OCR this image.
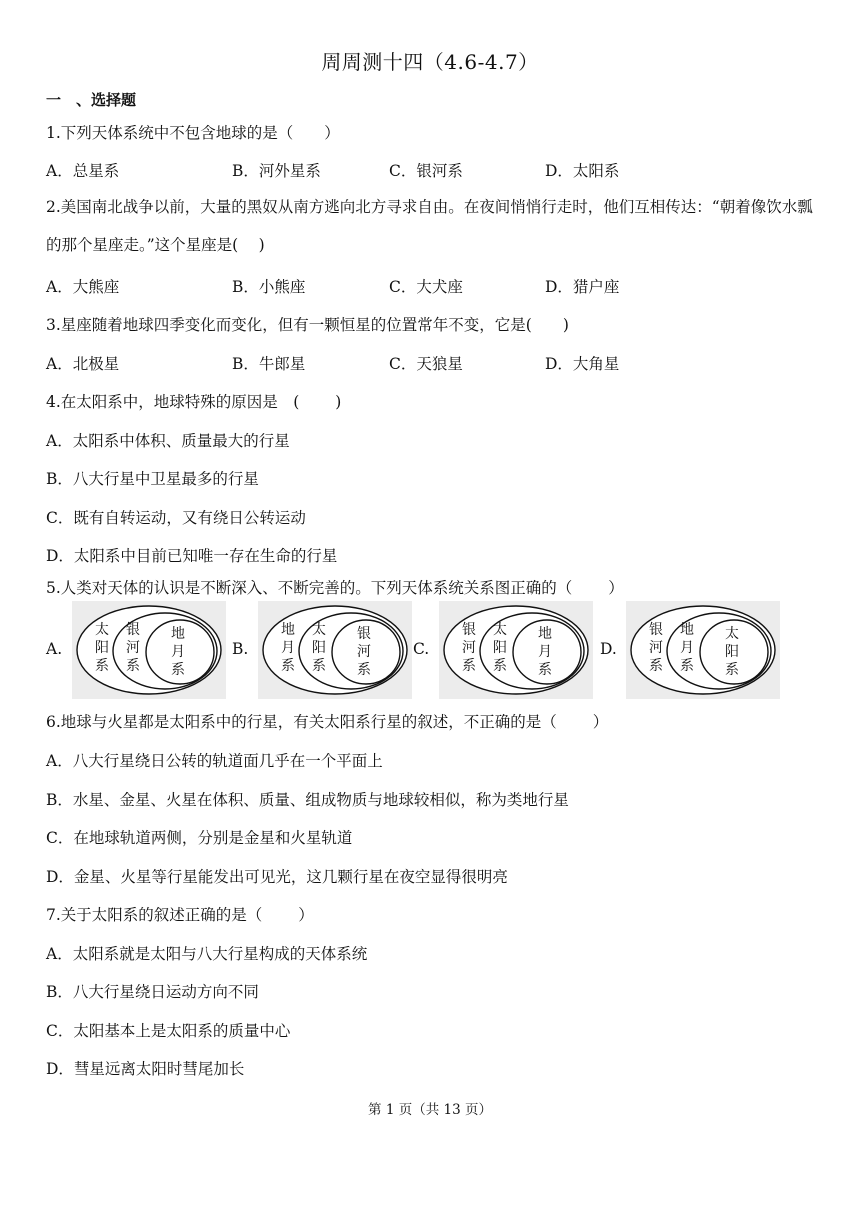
周周测十四（4.6-4.7）
一　、选择题
1.下列天体系统中不包含地球的是（　　）
A．总星系	B．河外星系	C．银河系	D．太阳系
2.美国南北战争以前，大量的黑奴从南方逃向北方寻求自由。在夜间悄悄行走时，他们互相传达：“朝着像饮水瓢的那个星座走。”这个星座是(　 )
A．大熊座	B．小熊座	C．大犬座	D．猎户座
3.星座随着地球四季变化而变化，但有一颗恒星的位置常年不变，它是(　　)
A．北极星	B．牛郎星	C．天狼星	D．大角星
4.在太阳系中，地球特殊的原因是　(　　 )
A．太阳系中体积、质量最大的行星
B．八大行星中卫星最多的行星
C．既有自转运动，又有绕日公转运动
D．太阳系中目前已知唯一存在生命的行星
5.人类对天体的认识是不断深入、不断完善的。下列天体系统关系图正确的（　　 ）
A.
太
阳
系
银
河
系
地
月
系
B.
地
月
系
太
阳
系
银
河
系
C.
银
河
系
太
阳
系
地
月
系
D.
银
河
系
地
月
系
太
阳
系
6.地球与火星都是太阳系中的行星，有关太阳系行星的叙述，不正确的是（　　 ）
A．八大行星绕日公转的轨道面几乎在一个平面上
B．水星、金星、火星在体积、质量、组成物质与地球较相似，称为类地行星
C．在地球轨道两侧，分别是金星和火星轨道
D．金星、火星等行星能发出可见光，这几颗行星在夜空显得很明亮
7.关于太阳系的叙述正确的是（　　 ）
A．太阳系就是太阳与八大行星构成的天体系统
B．八大行星绕日运动方向不同
C．太阳基本上是太阳系的质量中心
D．彗星远离太阳时彗尾加长
第 1 页（共 13 页）
